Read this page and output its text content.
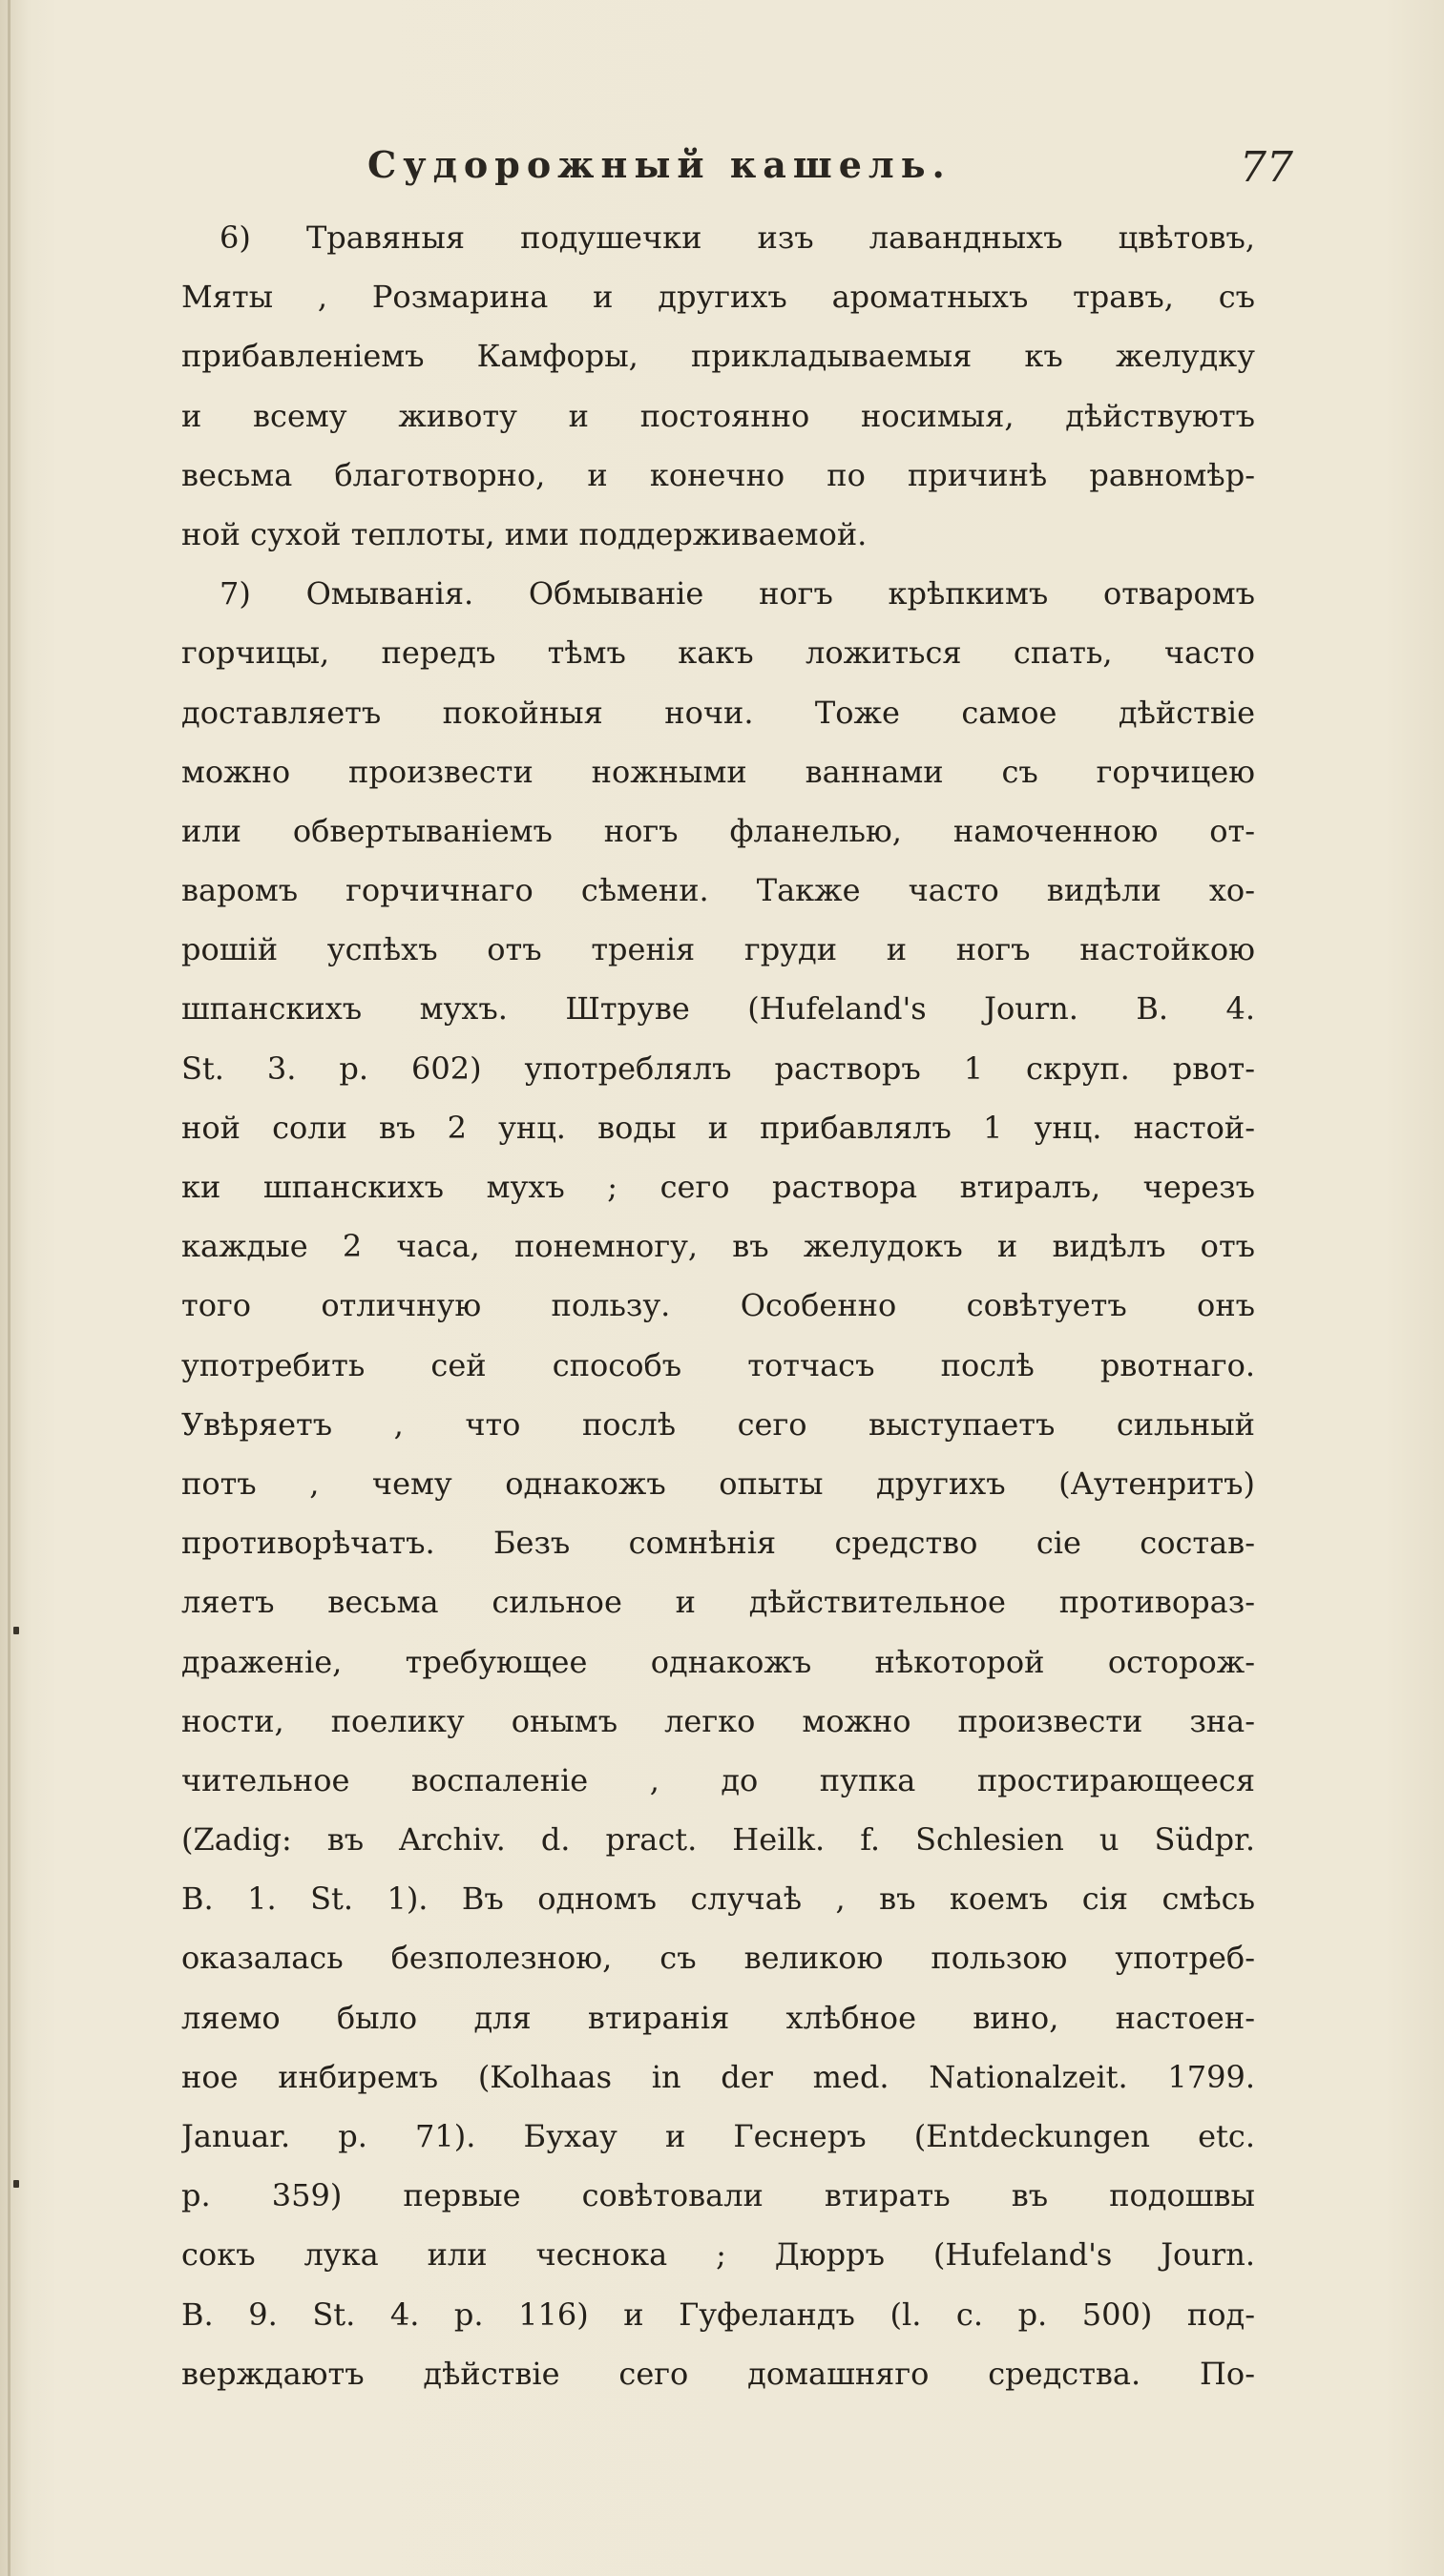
Судорожный кашель.	77
6) Травяныя подушечки изъ лавандныхъ цвѣтовъ,
Мяты , Розмарина и другихъ ароматныхъ травъ, съ
прибавленіемъ Камфоры, прикладываемыя къ желудку
и всему животу и постоянно носимыя, дѣйствуютъ
весьма благотворно, и конечно по причинѣ равномѣр-
ной сухой теплоты, ими поддерживаемой.
7) Омыванія. Обмываніе ногъ крѣпкимъ отваромъ
горчицы, передъ тѣмъ какъ ложиться спать, часто
доставляетъ покойныя ночи. Тоже самое дѣйствіе
можно произвести ножными ваннами съ горчицею
или обвертываніемъ ногъ фланелью, намоченною от-
варомъ горчичнаго сѣмени. Также часто видѣли хо-
рошій успѣхъ отъ тренія груди и ногъ настойкою
шпанскихъ мухъ. Штруве (Hufeland's Journ. B. 4.
St. 3. p. 602) употреблялъ растворъ 1 скруп. рвот-
ной соли въ 2 унц. воды и прибавлялъ 1 унц. настой-
ки шпанскихъ мухъ ; сего раствора втиралъ, черезъ
каждые 2 часа, понемногу, въ желудокъ и видѣлъ отъ
того отличную пользу. Особенно совѣтуетъ онъ
употребить сей способъ тотчасъ послѣ рвотнаго.
Увѣряетъ , что послѣ сего выступаетъ сильный
потъ , чему однакожъ опыты другихъ (Аутенритъ)
противорѣчатъ. Безъ сомнѣнія средство сіе состав-
ляетъ весьма сильное и дѣйствительное противораз-
драженіе, требующее однакожъ нѣкоторой осторож-
ности, поелику онымъ легко можно произвести зна-
чительное воспаленіе , до пупка простирающееся
(Zadig: въ Archiv. d. pract. Heilk. f. Schlesien u Südpr.
B. 1. St. 1). Въ одномъ случаѣ , въ коемъ сія смѣсь
оказалась безполезною, съ великою пользою употреб-
ляемо было для втиранія хлѣбное вино, настоен-
ное инбиремъ (Kolhaas in der med. Nationalzeit. 1799.
Januar. p. 71). Бухау и Геснеръ (Entdeckungen etc.
p. 359) первые совѣтовали втирать въ подошвы
сокъ лука или чеснока ; Дюрръ (Hufeland's Journ.
B. 9. St. 4. p. 116) и Гуфеландъ (l. c. p. 500) под-
верждаютъ дѣйствіе сего домашняго средства. По-
